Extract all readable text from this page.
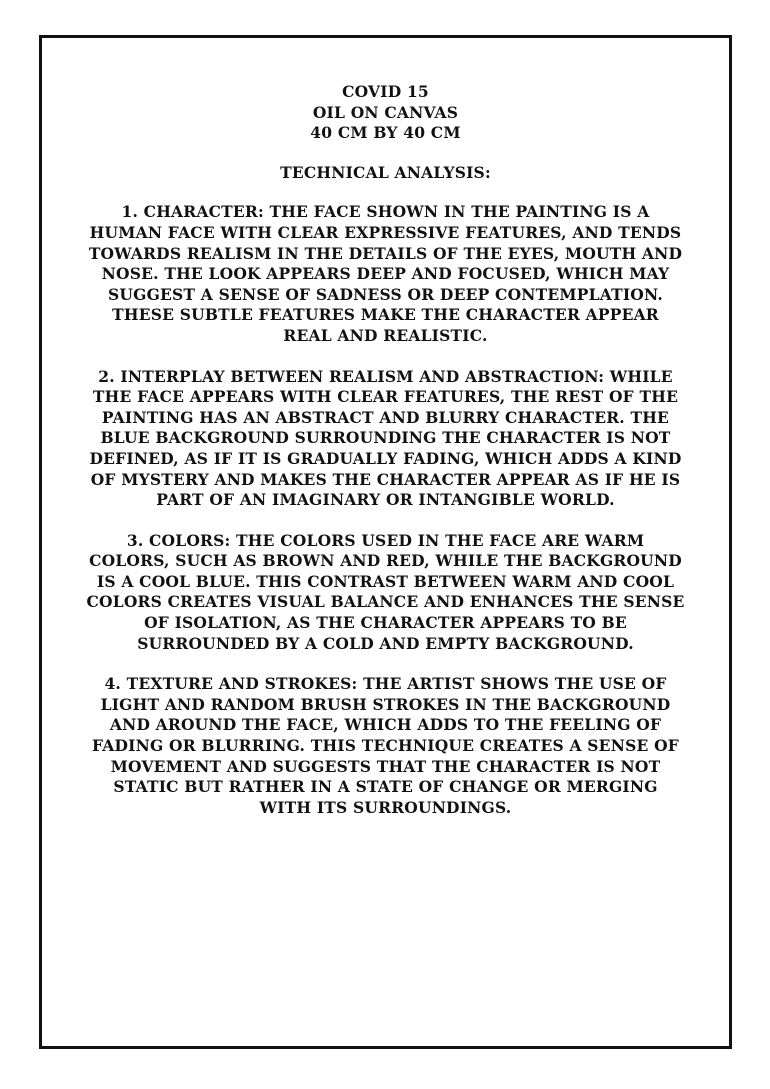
COVID 15
OIL ON CANVAS
40 CM BY 40 CM
TECHNICAL ANALYSIS:

1. CHARACTER: THE FACE SHOWN IN THE PAINTING IS A HUMAN FACE WITH CLEAR EXPRESSIVE FEATURES, AND TENDS TOWARDS REALISM IN THE DETAILS OF THE EYES, MOUTH AND NOSE. THE LOOK APPEARS DEEP AND FOCUSED, WHICH MAY SUGGEST A SENSE OF SADNESS OR DEEP CONTEMPLATION. THESE SUBTLE FEATURES MAKE THE CHARACTER APPEAR REAL AND REALISTIC.

2. INTERPLAY BETWEEN REALISM AND ABSTRACTION: WHILE THE FACE APPEARS WITH CLEAR FEATURES, THE REST OF THE PAINTING HAS AN ABSTRACT AND BLURRY CHARACTER. THE BLUE BACKGROUND SURROUNDING THE CHARACTER IS NOT DEFINED, AS IF IT IS GRADUALLY FADING, WHICH ADDS A KIND OF MYSTERY AND MAKES THE CHARACTER APPEAR AS IF HE IS PART OF AN IMAGINARY OR INTANGIBLE WORLD.

3. COLORS: THE COLORS USED IN THE FACE ARE WARM COLORS, SUCH AS BROWN AND RED, WHILE THE BACKGROUND IS A COOL BLUE. THIS CONTRAST BETWEEN WARM AND COOL COLORS CREATES VISUAL BALANCE AND ENHANCES THE SENSE OF ISOLATION, AS THE CHARACTER APPEARS TO BE SURROUNDED BY A COLD AND EMPTY BACKGROUND.

4. TEXTURE AND STROKES: THE ARTIST SHOWS THE USE OF LIGHT AND RANDOM BRUSH STROKES IN THE BACKGROUND AND AROUND THE FACE, WHICH ADDS TO THE FEELING OF FADING OR BLURRING. THIS TECHNIQUE CREATES A SENSE OF MOVEMENT AND SUGGESTS THAT THE CHARACTER IS NOT STATIC BUT RATHER IN A STATE OF CHANGE OR MERGING WITH ITS SURROUNDINGS.
